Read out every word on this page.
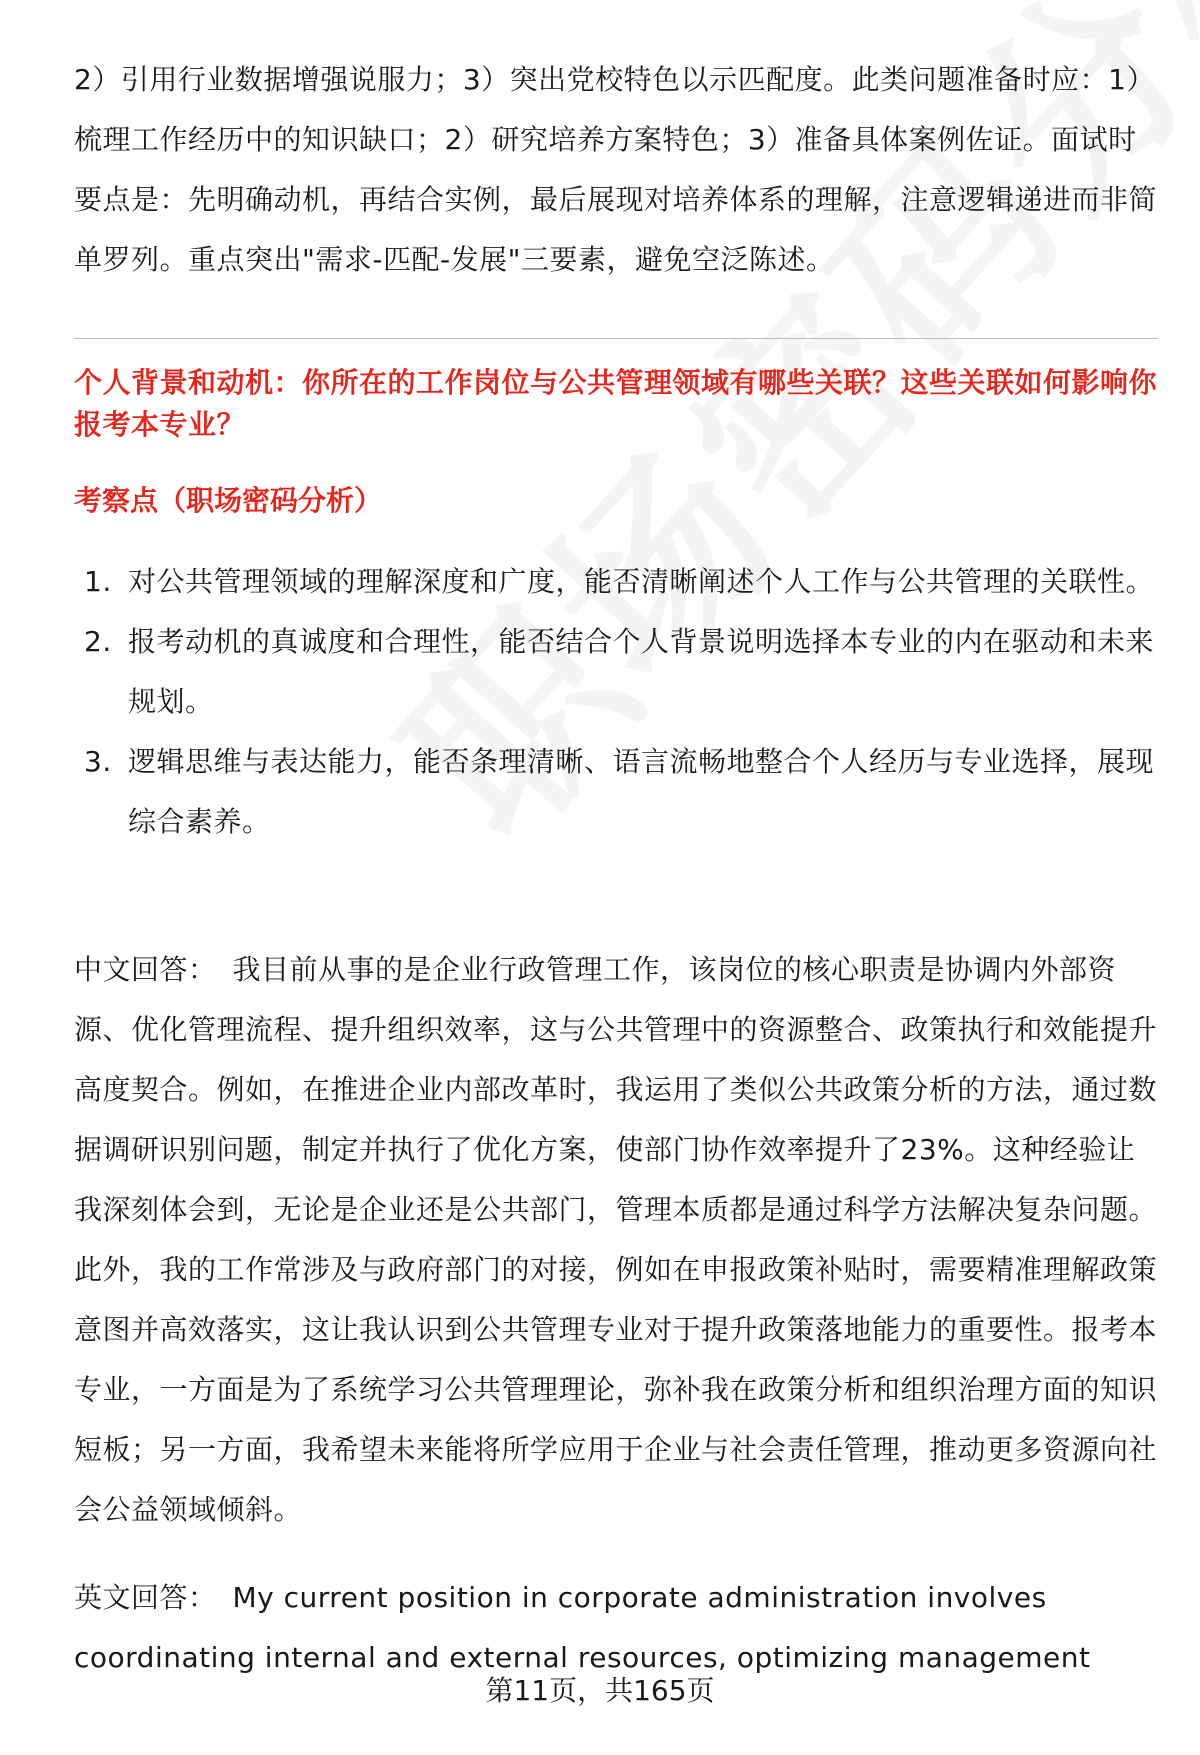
2）引用行业数据增强说服力；3）突出党校特色以示匹配度。此类问题准备时应：1）梳理工作经历中的知识缺口；2）研究培养方案特色；3）准备具体案例佐证。面试时要点是：先明确动机，再结合实例，最后展现对培养体系的理解，注意逻辑递进而非简单罗列。重点突出"需求-匹配-发展"三要素，避免空泛陈述。
个人背景和动机：你所在的工作岗位与公共管理领域有哪些关联？这些关联如何影响你报考本专业？
考察点（职场密码分析）
1. 对公共管理领域的理解深度和广度，能否清晰阐述个人工作与公共管理的关联性。
2. 报考动机的真诚度和合理性，能否结合个人背景说明选择本专业的内在驱动和未来规划。
3. 逻辑思维与表达能力，能否条理清晰、语言流畅地整合个人经历与专业选择，展现综合素养。
中文回答： 我目前从事的是企业行政管理工作，该岗位的核心职责是协调内外部资源、优化管理流程、提升组织效率，这与公共管理中的资源整合、政策执行和效能提升高度契合。例如，在推进企业内部改革时，我运用了类似公共政策分析的方法，通过数据调研识别问题，制定并执行了优化方案，使部门协作效率提升了23%。这种经验让我深刻体会到，无论是企业还是公共部门，管理本质都是通过科学方法解决复杂问题。此外，我的工作常涉及与政府部门的对接，例如在申报政策补贴时，需要精准理解政策意图并高效落实，这让我认识到公共管理专业对于提升政策落地能力的重要性。报考本专业，一方面是为了系统学习公共管理理论，弥补我在政策分析和组织治理方面的知识短板；另一方面，我希望未来能将所学应用于企业与社会责任管理，推动更多资源向社会公益领域倾斜。
英文回答： My current position in corporate administration involves coordinating internal and external resources, optimizing management
第11页，共165页
